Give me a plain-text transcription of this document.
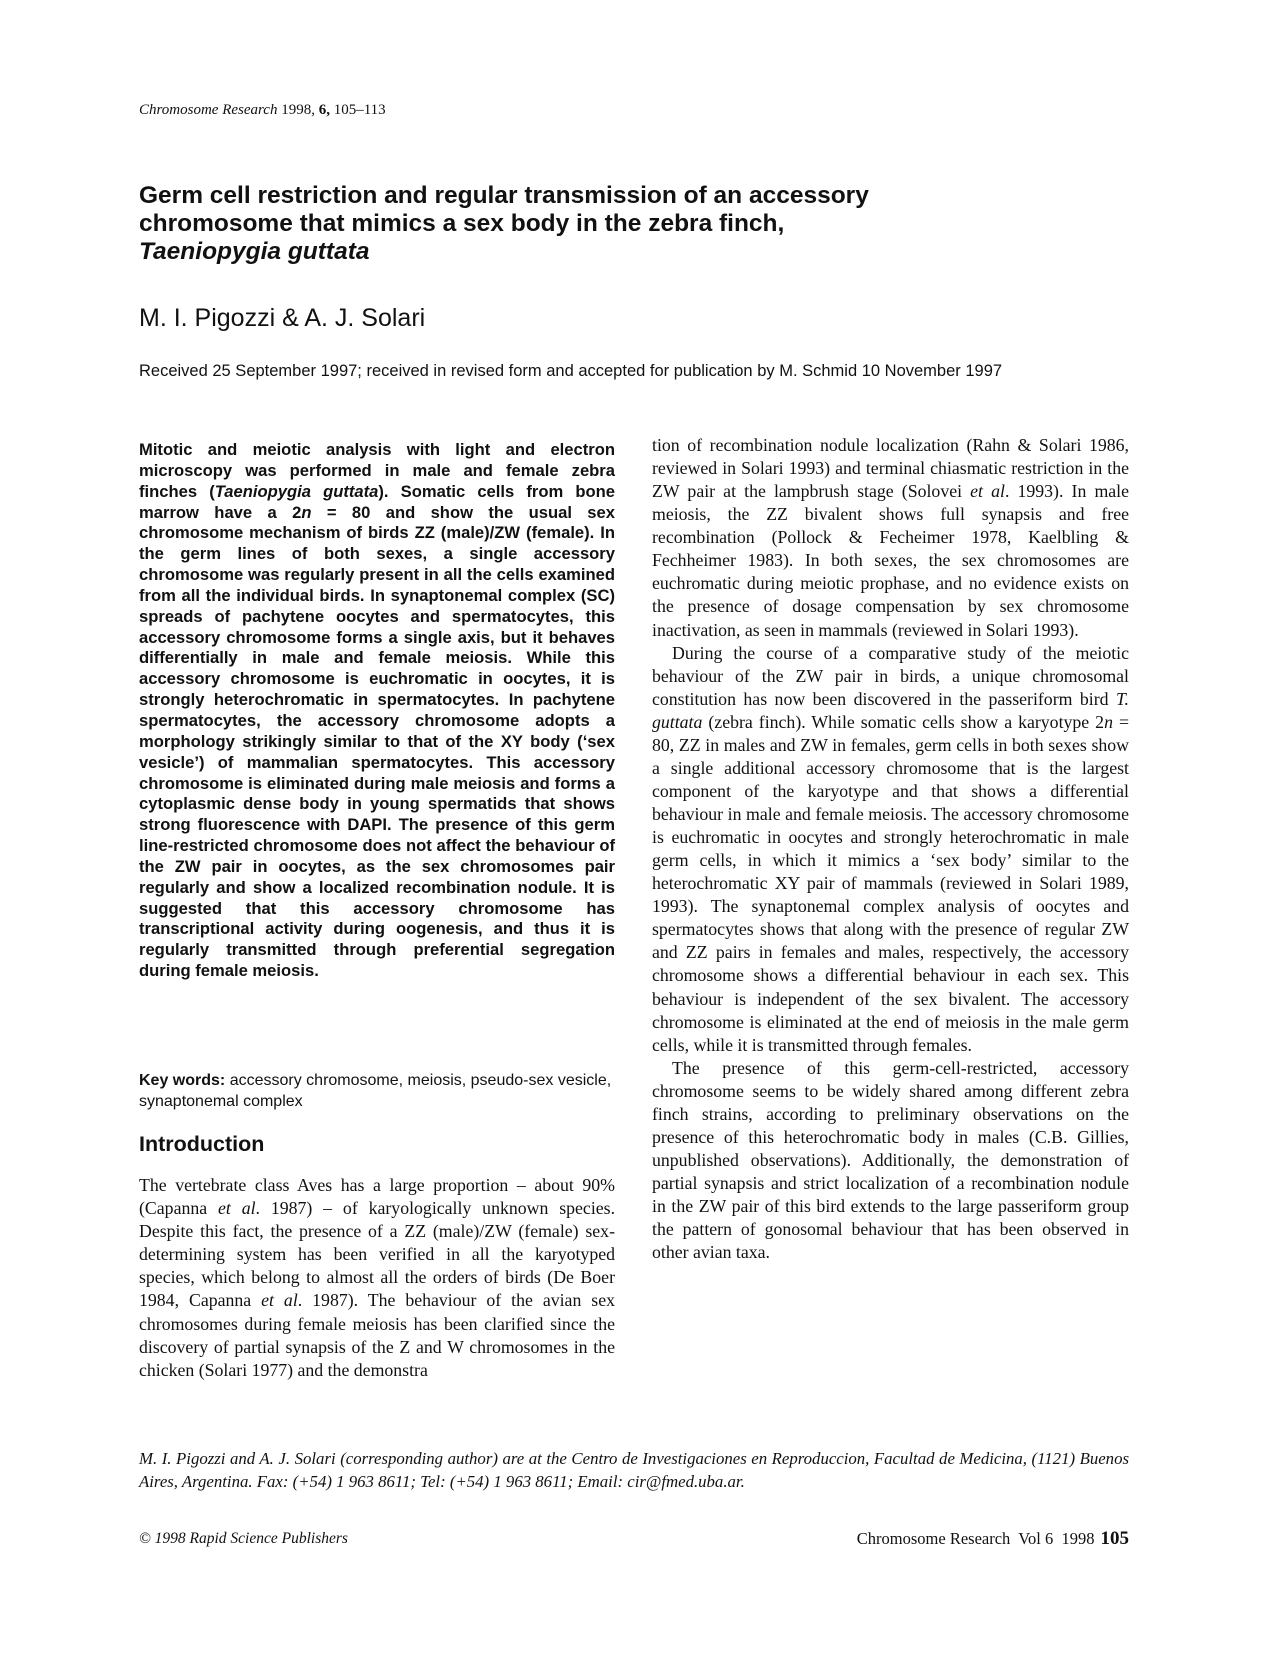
Chromosome Research 1998, 6, 105–113
Germ cell restriction and regular transmission of an accessory
chromosome that mimics a sex body in the zebra finch,
Taeniopygia guttata
M. I. Pigozzi & A. J. Solari
Received 25 September 1997; received in revised form and accepted for publication by M. Schmid 10 November 1997
Mitotic and meiotic analysis with light and electron microscopy was performed in male and female zebra finches (Taeniopygia guttata). Somatic cells from bone marrow have a 2n = 80 and show the usual sex chromosome mechanism of birds ZZ (male)/ZW (female). In the germ lines of both sexes, a single accessory chromosome was regularly present in all the cells examined from all the individual birds. In synaptonemal complex (SC) spreads of pachytene oocytes and spermatocytes, this accessory chromosome forms a single axis, but it behaves differentially in male and female meiosis. While this accessory chromosome is euchromatic in oocytes, it is strongly heterochromatic in spermatocytes. In pachytene spermatocytes, the accessory chromosome adopts a morphology strikingly similar to that of the XY body (‘sex vesicle’) of mammalian spermatocytes. This accessory chromosome is eliminated during male meiosis and forms a cytoplasmic dense body in young spermatids that shows strong fluorescence with DAPI. The presence of this germ line-restricted chromosome does not affect the behaviour of the ZW pair in oocytes, as the sex chromosomes pair regularly and show a localized recombination nodule. It is suggested that this accessory chromosome has transcriptional activity during oogenesis, and thus it is regularly transmitted through preferential segregation during female meiosis.
Key words: accessory chromosome, meiosis, pseudo-sex vesicle, synaptonemal complex
Introduction

The vertebrate class Aves has a large proportion – about 90% (Capanna et al. 1987) – of karyologically unknown species. Despite this fact, the presence of a ZZ (male)/ZW (female) sex-determining system has been verified in all the karyotyped species, which belong to almost all the orders of birds (De Boer 1984, Capanna et al. 1987). The behaviour of the avian sex chromosomes during female meiosis has been clarified since the discovery of partial synapsis of the Z and W chromosomes in the chicken (Solari 1977) and the demonstra

tion of recombination nodule localization (Rahn & Solari 1986, reviewed in Solari 1993) and terminal chiasmatic restriction in the ZW pair at the lampbrush stage (Solovei et al. 1993). In male meiosis, the ZZ bivalent shows full synapsis and free recombination (Pollock & Fecheimer 1978, Kaelbling & Fechheimer 1983). In both sexes, the sex chromosomes are euchromatic during meiotic prophase, and no evidence exists on the presence of dosage compensation by sex chromosome inactivation, as seen in mammals (reviewed in Solari 1993).

During the course of a comparative study of the meiotic behaviour of the ZW pair in birds, a unique chromosomal constitution has now been discovered in the passeriform bird T. guttata (zebra finch). While somatic cells show a karyotype 2n = 80, ZZ in males and ZW in females, germ cells in both sexes show a single additional accessory chromosome that is the largest component of the karyotype and that shows a differential behaviour in male and female meiosis. The accessory chromosome is euchromatic in oocytes and strongly heterochromatic in male germ cells, in which it mimics a ‘sex body’ similar to the heterochromatic XY pair of mammals (reviewed in Solari 1989, 1993). The synaptonemal complex analysis of oocytes and spermatocytes shows that along with the presence of regular ZW and ZZ pairs in females and males, respectively, the accessory chromosome shows a differential behaviour in each sex. This behaviour is independent of the sex bivalent. The accessory chromosome is eliminated at the end of meiosis in the male germ cells, while it is transmitted through females.

The presence of this germ-cell-restricted, accessory chromosome seems to be widely shared among different zebra finch strains, according to preliminary observations on the presence of this heterochromatic body in males (C.B. Gillies, unpublished observations). Additionally, the demonstration of partial synapsis and strict localization of a recombination nodule in the ZW pair of this bird extends to the large passeriform group the pattern of gonosomal behaviour that has been observed in other avian taxa.

M. I. Pigozzi and A. J. Solari (corresponding author) are at the Centro de Investigaciones en Reproduccion, Facultad de Medicina, (1121) Buenos Aires, Argentina. Fax: (+54) 1 963 8611; Tel: (+54) 1 963 8611; Email: cir@fmed.uba.ar.
© 1998 Rapid Science Publishers	Chromosome Research  Vol 6  1998 105
